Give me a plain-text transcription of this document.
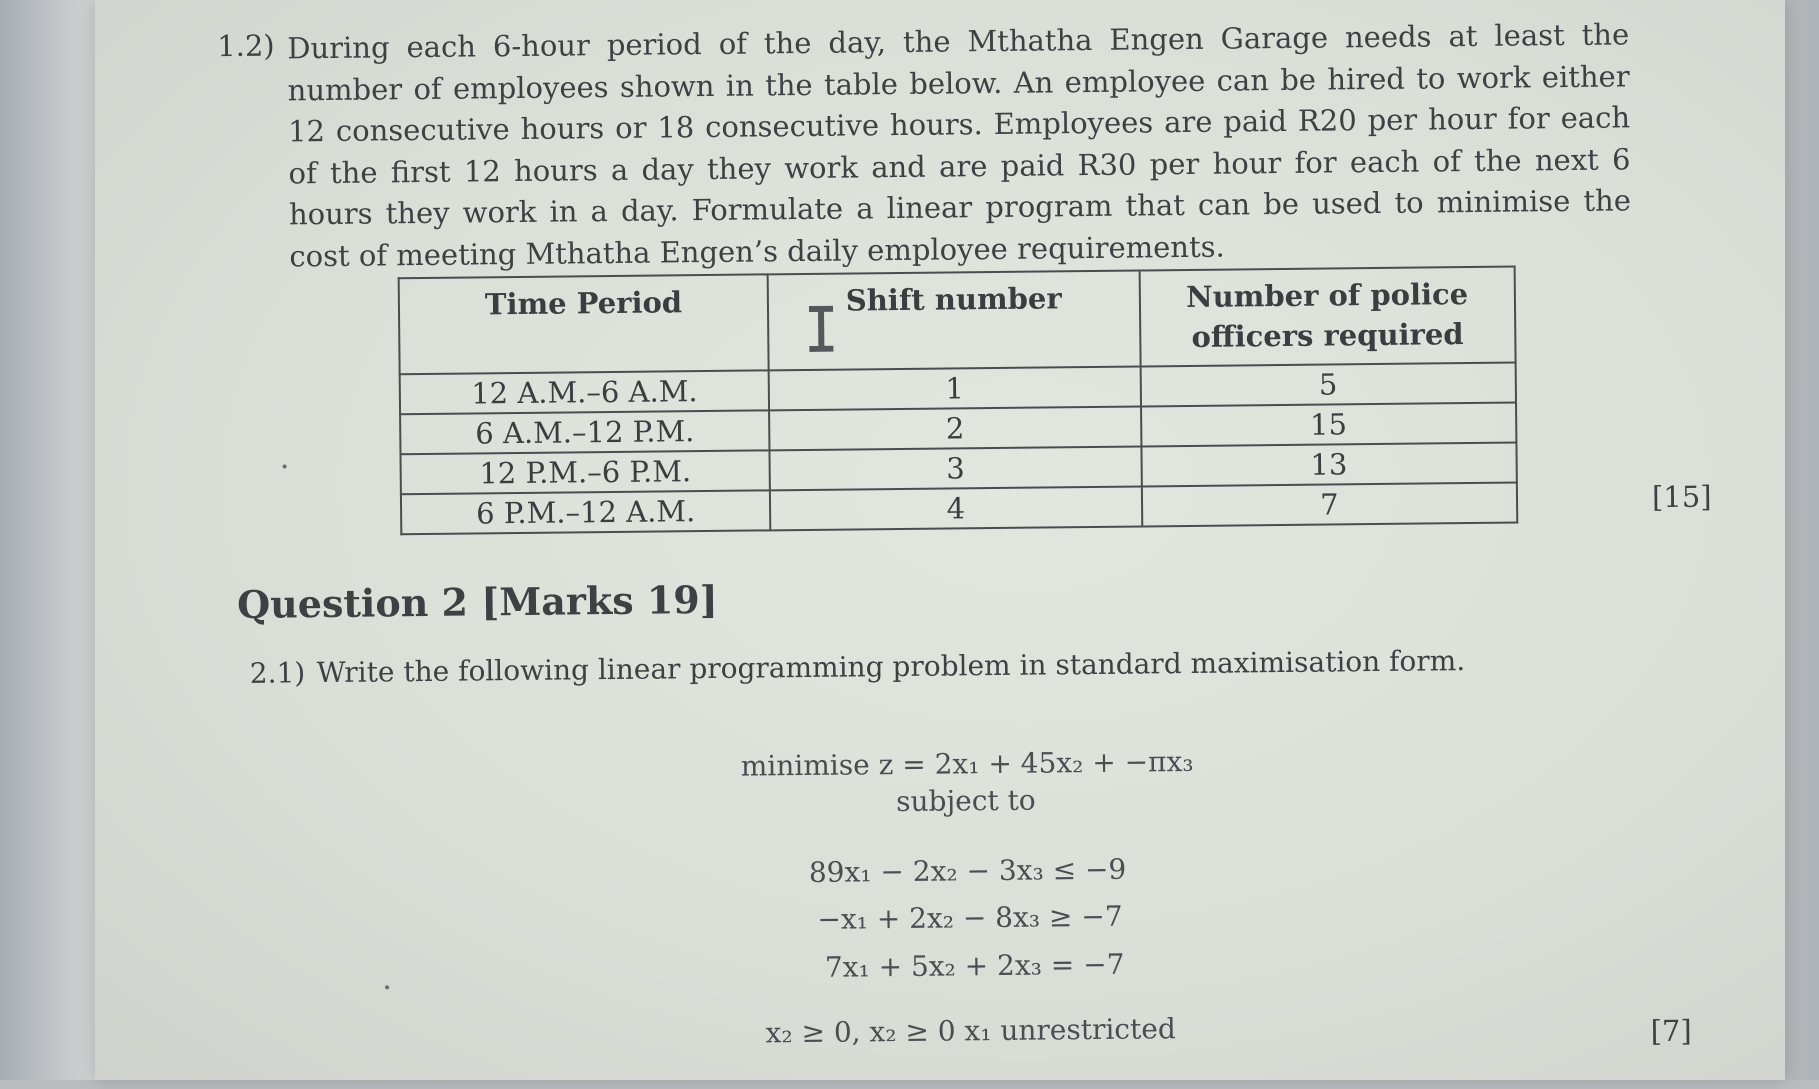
1.2) During each 6-hour period of the day, the Mthatha Engen Garage needs at least the number of employees shown in the table below. An employee can be hired to work either 12 consecutive hours or 18 consecutive hours. Employees are paid R20 per hour for each of the first 12 hours a day they work and are paid R30 per hour for each of the next 6 hours they work in a day. Formulate a linear program that can be used to minimise the cost of meeting Mthatha Engen’s daily employee requirements.
Time Period	Shift number	Number of police officers required
12 A.M.–6 A.M.	1	5
6 A.M.–12 P.M.	2	15
12 P.M.–6 P.M.	3	13
6 P.M.–12 A.M.	4	7	[15]
Question 2 [Marks 19]
2.1) Write the following linear programming problem in standard maximisation form.
minimise z = 2x₁ + 45x₂ + −πx₃
subject to
89x₁ − 2x₂ − 3x₃ ≤ −9
−x₁ + 2x₂ − 8x₃ ≥ −7
7x₁ + 5x₂ + 2x₃ = −7
x₂ ≥ 0, x₂ ≥ 0 x₁ unrestricted	[7]
